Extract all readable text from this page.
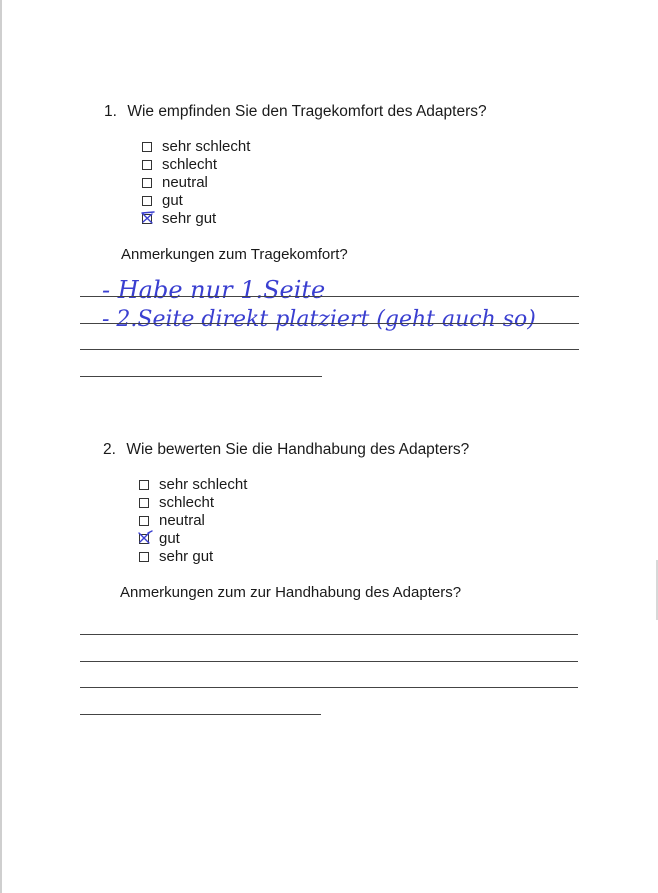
1. Wie empfinden Sie den Tragekomfort des Adapters?
sehr schlecht
schlecht
neutral
gut
sehr gut
Anmerkungen zum Tragekomfort?
- Habe nur 1.Seite
- 2.Seite direkt platziert (geht auch so)
2. Wie bewerten Sie die Handhabung des Adapters?
sehr schlecht
schlecht
neutral
gut
sehr gut
Anmerkungen zum zur Handhabung des Adapters?
